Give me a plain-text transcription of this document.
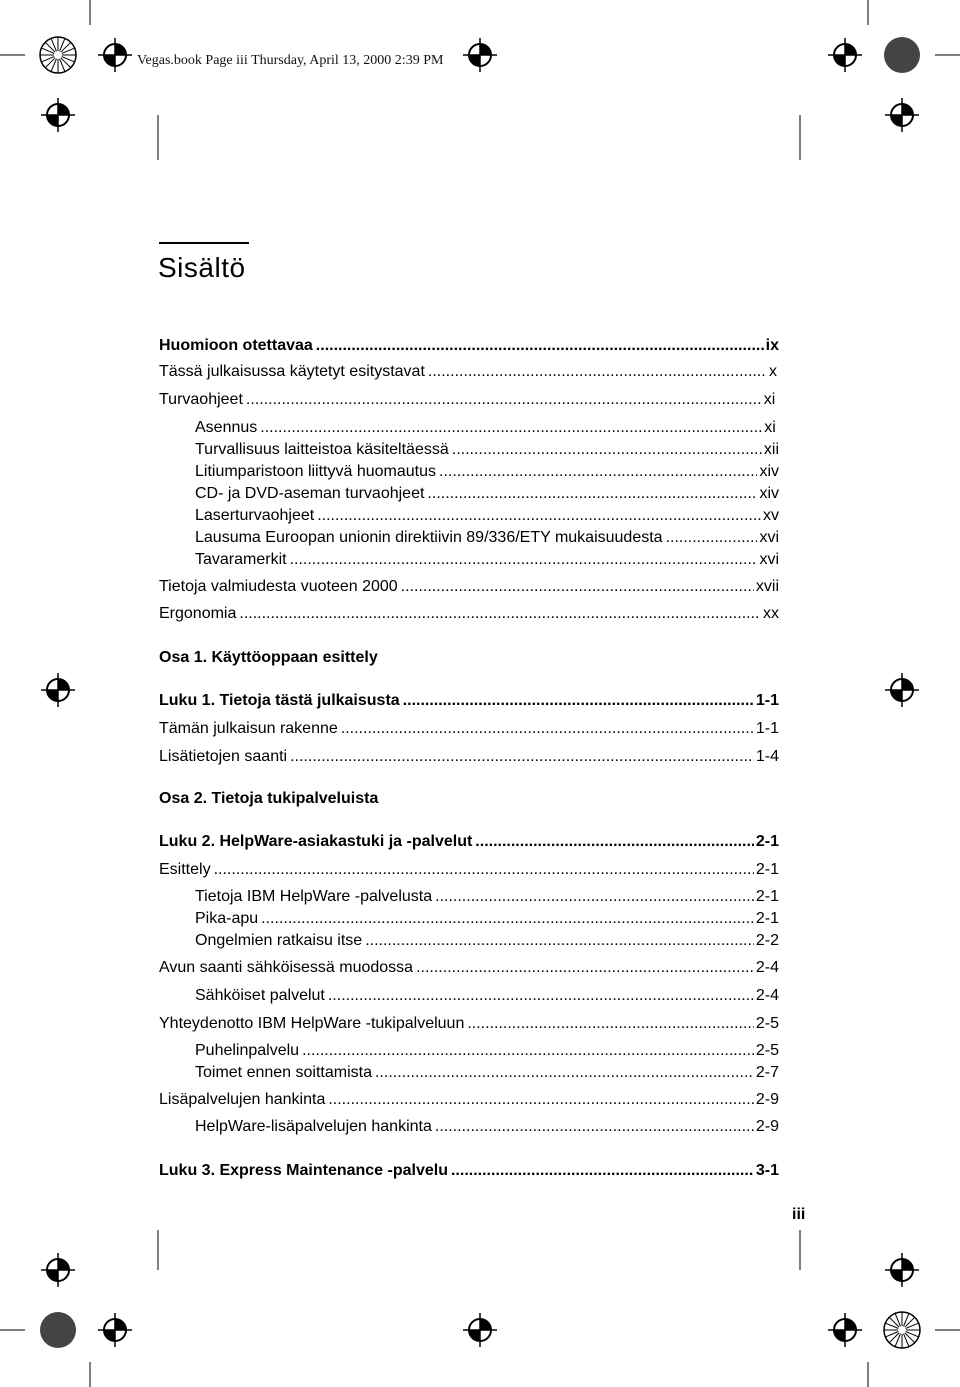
Vegas.book Page iii Thursday, April 13, 2000 2:39 PM
Sisältö
Huomioon otettavaa .....	ix
Tässä julkaisussa käytetyt esitystavat .....	x
Turvaohjeet .....	xi
Asennus .....	xi
Turvallisuus laitteistoa käsiteltäessä .....	xii
Litiumparistoon liittyvä huomautus .....	xiv
CD- ja DVD-aseman turvaohjeet .....	xiv
Laserturvaohjeet .....	xv
Lausuma Euroopan unionin direktiivin 89/336/ETY mukaisuudesta .....	xvi
Tavaramerkit .....	xvi
Tietoja valmiudesta vuoteen 2000 .....	xvii
Ergonomia .....	xx
Osa 1. Käyttöoppaan esittely
Luku 1. Tietoja tästä julkaisusta .....	1-1
Tämän julkaisun rakenne .....	1-1
Lisätietojen saanti .....	1-4
Osa 2. Tietoja tukipalveluista
Luku 2. HelpWare-asiakastuki ja -palvelut .....	2-1
Esittely .....	2-1
Tietoja IBM HelpWare -palvelusta .....	2-1
Pika-apu .....	2-1
Ongelmien ratkaisu itse .....	2-2
Avun saanti sähköisessä muodossa .....	2-4
Sähköiset palvelut .....	2-4
Yhteydenotto IBM HelpWare -tukipalveluun .....	2-5
Puhelinpalvelu .....	2-5
Toimet ennen soittamista .....	2-7
Lisäpalvelujen hankinta .....	2-9
HelpWare-lisäpalvelujen hankinta .....	2-9
Luku 3. Express Maintenance -palvelu .....	3-1
iii
